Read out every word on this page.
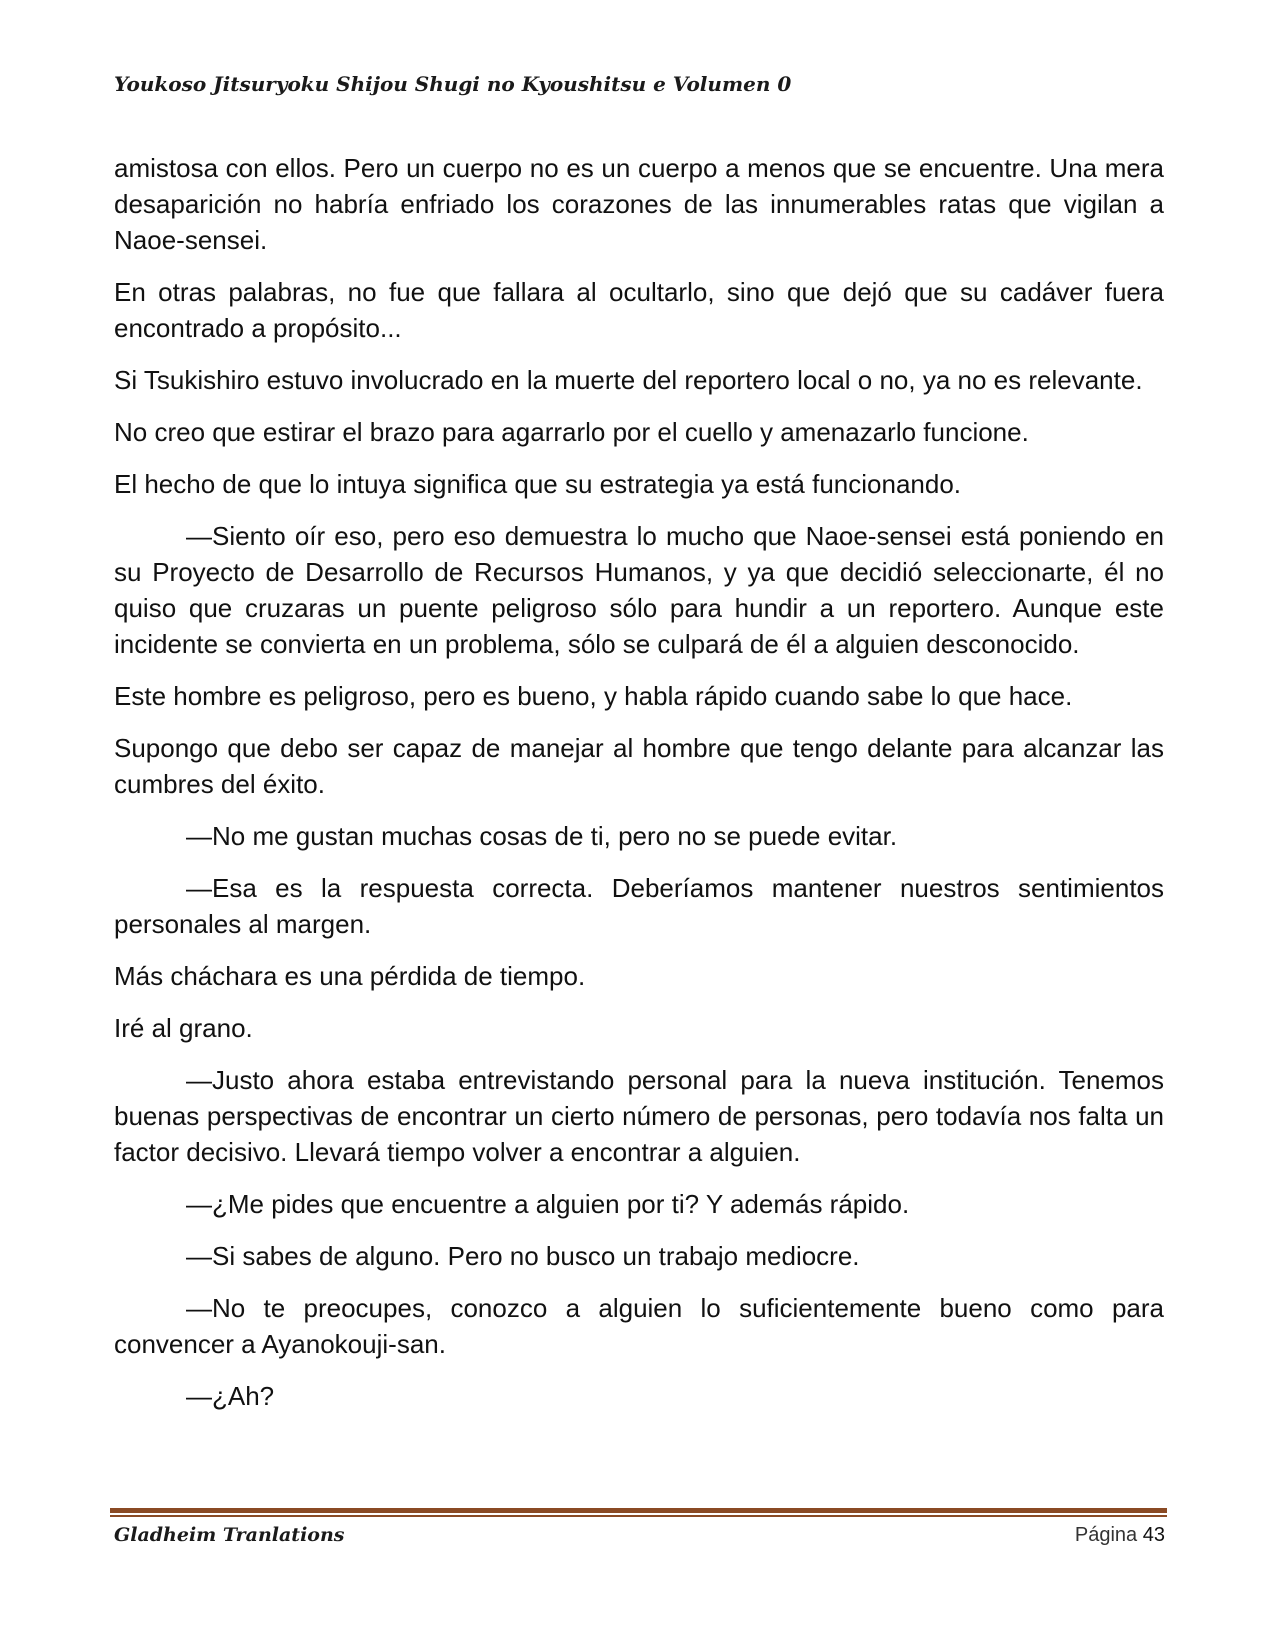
Youkoso Jitsuryoku Shijou Shugi no Kyoushitsu e Volumen 0

amistosa con ellos. Pero un cuerpo no es un cuerpo a menos que se encuentre. Una mera desaparición no habría enfriado los corazones de las innumerables ratas que vigilan a Naoe-sensei.

En otras palabras, no fue que fallara al ocultarlo, sino que dejó que su cadáver fuera encontrado a propósito...

Si Tsukishiro estuvo involucrado en la muerte del reportero local o no, ya no es relevante.

No creo que estirar el brazo para agarrarlo por el cuello y amenazarlo funcione.

El hecho de que lo intuya significa que su estrategia ya está funcionando.

—Siento oír eso, pero eso demuestra lo mucho que Naoe-sensei está poniendo en su Proyecto de Desarrollo de Recursos Humanos, y ya que decidió seleccionarte, él no quiso que cruzaras un puente peligroso sólo para hundir a un reportero. Aunque este incidente se convierta en un problema, sólo se culpará de él a alguien desconocido.

Este hombre es peligroso, pero es bueno, y habla rápido cuando sabe lo que hace.

Supongo que debo ser capaz de manejar al hombre que tengo delante para alcanzar las cumbres del éxito.

—No me gustan muchas cosas de ti, pero no se puede evitar.

—Esa es la respuesta correcta. Deberíamos mantener nuestros sentimientos personales al margen.

Más cháchara es una pérdida de tiempo.

Iré al grano.

—Justo ahora estaba entrevistando personal para la nueva institución. Tenemos buenas perspectivas de encontrar un cierto número de personas, pero todavía nos falta un factor decisivo. Llevará tiempo volver a encontrar a alguien.

—¿Me pides que encuentre a alguien por ti? Y además rápido.

—Si sabes de alguno. Pero no busco un trabajo mediocre.

—No te preocupes, conozco a alguien lo suficientemente bueno como para convencer a Ayanokouji-san.

—¿Ah?

Gladheim Tranlations	Página 43
